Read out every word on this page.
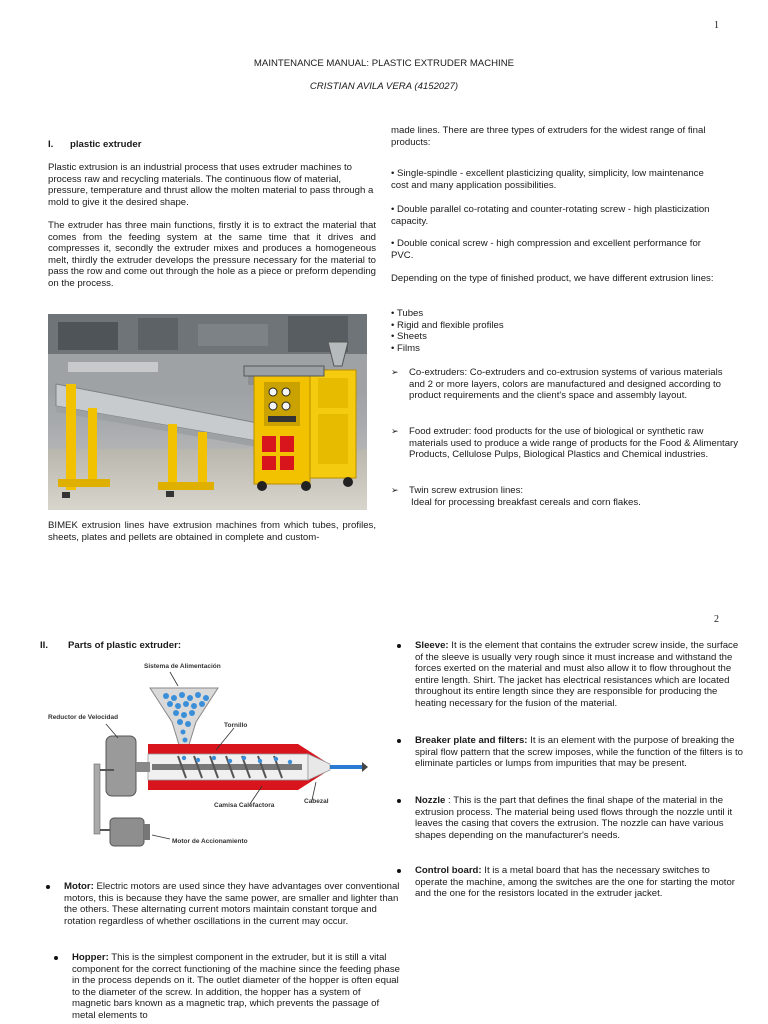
1
MAINTENANCE MANUAL: PLASTIC EXTRUDER MACHINE
CRISTIAN AVILA VERA (4152027)
I. plastic extruder

Plastic extrusion is an industrial process that uses extruder machines to process raw and recycling materials. The continuous flow of material, pressure, temperature and thrust allow the molten material to pass through a mold to give it the desired shape.

The extruder has three main functions, firstly it is to extract the material that comes from the feeding system at the same time that it drives and compresses it, secondly the extruder mixes and produces a homogeneous melt, thirdly the extruder develops the pressure necessary for the material to pass the row and come out through the hole as a piece or preform depending on the process.

BIMEK extrusion lines have extrusion machines from which tubes, profiles, sheets, plates and pellets are obtained in complete and custom-

made lines. There are three types of extruders for the widest range of final products:

• Single-spindle - excellent plasticizing quality, simplicity, low maintenance cost and many application possibilities.

• Double parallel co-rotating and counter-rotating screw - high plasticization capacity.

• Double conical screw - high compression and excellent performance for PVC.

Depending on the type of finished product, we have different extrusion lines:

• Tubes
• Rigid and flexible profiles
• Sheets
• Films
➢ Co-extruders: Co-extruders and co-extrusion systems of various materials and 2 or more layers, colors are manufactured and designed according to product requirements and the client's space and assembly layout.
➢ Food extruder: food products for the use of biological or synthetic raw materials used to produce a wide range of products for the Food & Alimentary Products, Cellulose Pulps, Biological Plastics and Chemical industries.
➢ Twin screw extrusion lines:
Ideal for processing breakfast cereals and corn flakes.
2
II. Parts of plastic extruder:
Sistema de Alimentación
Reductor de Velocidad
Tornillo
Camisa Calefactora
Cabezal
Motor de Accionamiento
Motor: Electric motors are used since they have advantages over conventional motors, this is because they have the same power, are smaller and lighter than the others. These alternating current motors maintain constant torque and rotation regardless of whether oscillations in the current may occur.
Hopper: This is the simplest component in the extruder, but it is still a vital component for the correct functioning of the machine since the feeding phase in the process depends on it. The outlet diameter of the hopper is often equal to the diameter of the screw. In addition, the hopper has a system of magnetic bars known as a magnetic trap, which prevents the passage of metal elements to
Sleeve: It is the element that contains the extruder screw inside, the surface of the sleeve is usually very rough since it must increase and withstand the forces exerted on the material and must also allow it to flow throughout the entire length. Shirt. The jacket has electrical resistances which are located throughout its entire length since they are responsible for producing the heating necessary for the fusion of the material.
Breaker plate and filters: It is an element with the purpose of breaking the spiral flow pattern that the screw imposes, while the function of the filters is to eliminate particles or lumps from impurities that may be present.
Nozzle : This is the part that defines the final shape of the material in the extrusion process. The material being used flows through the nozzle until it leaves the casing that covers the extrusion. The nozzle can have various shapes depending on the manufacturer's needs.
Control board: It is a metal board that has the necessary switches to operate the machine, among the switches are the one for starting the motor and the one for the resistors located in the extruder jacket.
